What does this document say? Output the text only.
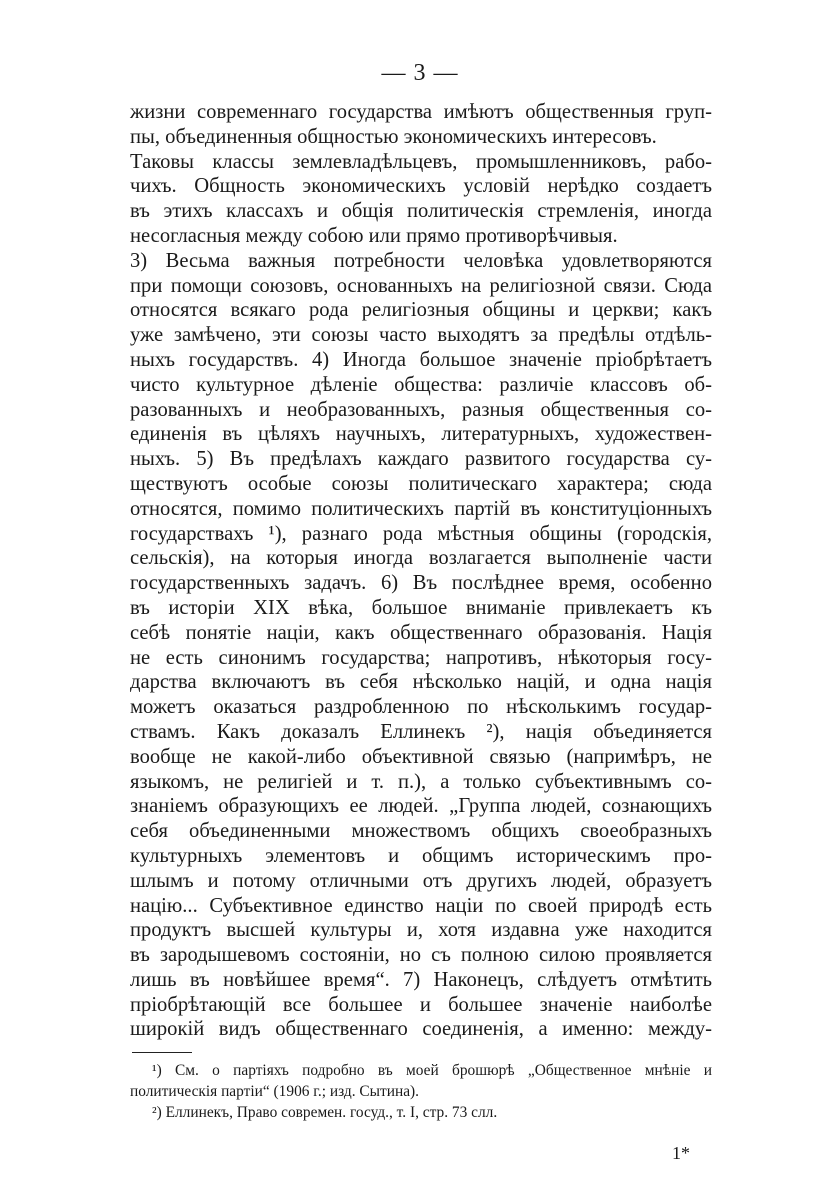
— 3 —
жизни современнаго государства имѣютъ общественныя груп-
пы, объединенныя общностью экономическихъ интересовъ.
Таковы классы землевладѣльцевъ, промышленниковъ, рабо-
чихъ. Общность экономическихъ условій нерѣдко создаетъ
въ этихъ классахъ и общія политическія стремленія, иногда
несогласныя между собою или прямо противорѣчивыя.
3) Весьма важныя потребности человѣка удовлетворяются
при помощи союзовъ, основанныхъ на религіозной связи. Сюда
относятся всякаго рода религіозныя общины и церкви; какъ
уже замѣчено, эти союзы часто выходятъ за предѣлы отдѣль-
ныхъ государствъ. 4) Иногда большое значеніе пріобрѣтаетъ
чисто культурное дѣленіе общества: различіе классовъ об-
разованныхъ и необразованныхъ, разныя общественныя со-
единенія въ цѣляхъ научныхъ, литературныхъ, художествен-
ныхъ. 5) Въ предѣлахъ каждаго развитого государства су-
ществуютъ особые союзы политическаго характера; сюда
относятся, помимо политическихъ партій въ конституціонныхъ
государствахъ ¹), разнаго рода мѣстныя общины (городскія,
сельскія), на которыя иногда возлагается выполненіе части
государственныхъ задачъ. 6) Въ послѣднее время, особенно
въ исторіи XIX вѣка, большое вниманіе привлекаетъ къ
себѣ понятіе націи, какъ общественнаго образованія. Нація
не есть синонимъ государства; напротивъ, нѣкоторыя госу-
дарства включаютъ въ себя нѣсколько націй, и одна нація
можетъ оказаться раздробленною по нѣсколькимъ государ-
ствамъ. Какъ доказалъ Еллинекъ ²), нація объединяется
вообще не какой-либо объективной связью (напримѣръ, не
языкомъ, не религіей и т. п.), а только субъективнымъ со-
знаніемъ образующихъ ее людей. „Группа людей, сознающихъ
себя объединенными множествомъ общихъ своеобразныхъ
культурныхъ элементовъ и общимъ историческимъ про-
шлымъ и потому отличными отъ другихъ людей, образуетъ
націю... Субъективное единство націи по своей природѣ есть
продуктъ высшей культуры и, хотя издавна уже находится
въ зародышевомъ состояніи, но съ полною силою проявляется
лишь въ новѣйшее время“. 7) Наконецъ, слѣдуетъ отмѣтить
пріобрѣтающій все большее и большее значеніе наиболѣе
широкій видъ общественнаго соединенія, а именно: между-
¹) См. о партіяхъ подробно въ моей брошюрѣ „Общественное мнѣніе и
политическія партіи“ (1906 г.; изд. Сытина).
²) Еллинекъ, Право современ. госуд., т. I, стр. 73 слл.
1*
